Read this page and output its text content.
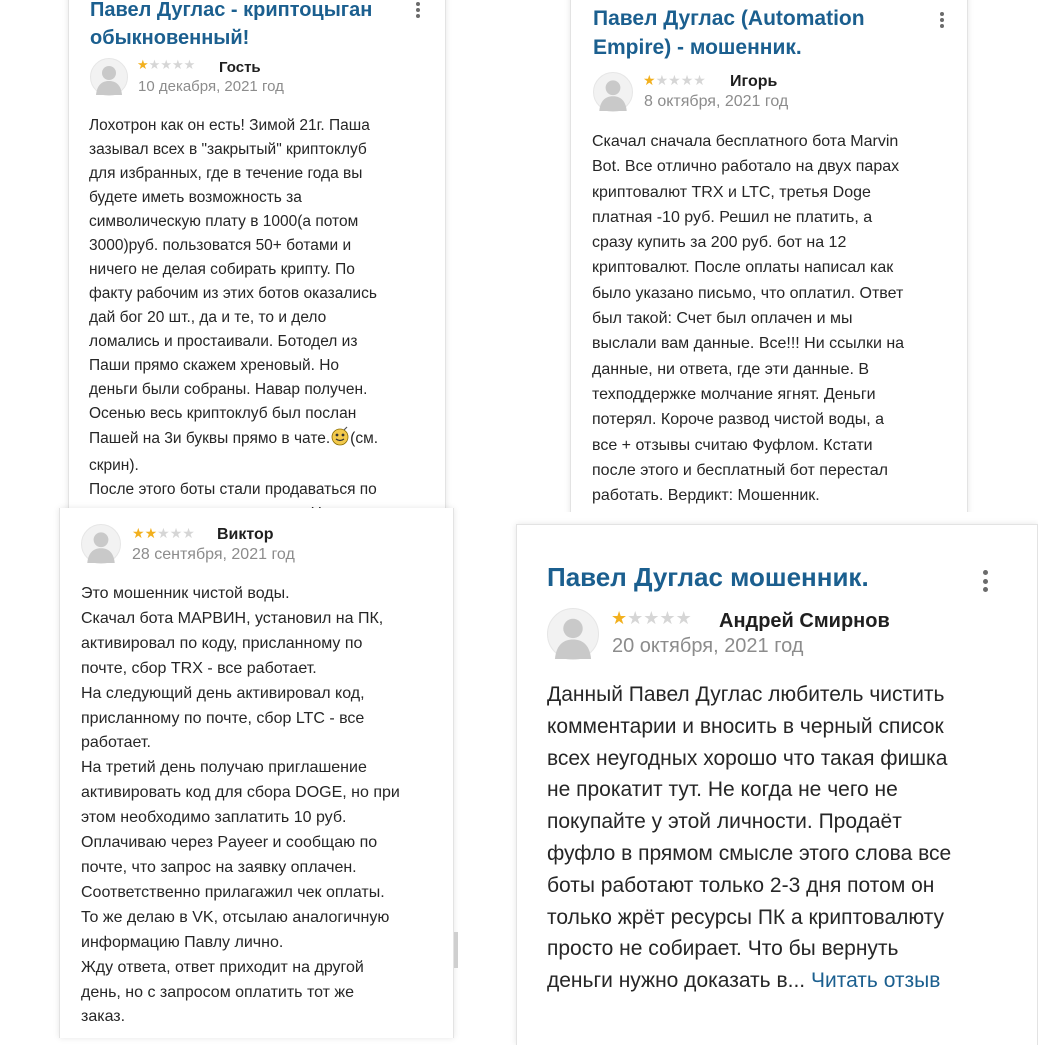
Павел Дуглас - криптоцыган
обыкновенный!
★★★★★ Гость
10 декабря, 2021 год
Лохотрон как он есть! Зимой 21г. Паша
зазывал всех в "закрытый" криптоклуб
для избранных, где в течение года вы
будете иметь возможность за
символическую плату в 1000(а потом
3000)руб. пользоватся 50+ ботами и
ничего не делая собирать крипту. По
факту рабочим из этих ботов оказались
дай бог 20 шт., да и те, то и дело
ломались и простаивали. Ботодел из
Паши прямо скажем хреновый. Но
деньги были собраны. Навар получен.
Осенью весь криптоклуб был послан
Пашей на 3и буквы прямо в чате. (см.
скрин).
После этого боты стали продаваться по
Павел Дуглас (Automation
Empire) - мошенник.
★★★★★ Игорь
8 октября, 2021 год
Скачал сначала бесплатного бота Marvin
Bot. Все отлично работало на двух парах
криптовалют TRX и LTC, третья Doge
платная -10 руб. Решил не платить, а
сразу купить за 200 руб. бот на 12
криптовалют. После оплаты написал как
было указано письмо, что оплатил. Ответ
был такой: Счет был оплачен и мы
выслали вам данные. Все!!! Ни ссылки на
данные, ни ответа, где эти данные. В
техподдержке молчание ягнят. Деньги
потерял. Короче развод чистой воды, а
все + отзывы считаю Фуфлом. Кстати
после этого и бесплатный бот перестал
работать. Вердикт: Мошенник.
★★★★★ Виктор
28 сентября, 2021 год
Это мошенник чистой воды.
Скачал бота МАРВИН, установил на ПК,
активировал по коду, присланному по
почте, сбор TRX - все работает.
На следующий день активировал код,
присланному по почте, сбор LTC - все
работает.
На третий день получаю приглашение
активировать код для сбора DOGE, но при
этом необходимо заплатить 10 руб.
Оплачиваю через Payeer и сообщаю по
почте, что запрос на заявку оплачен.
Соответственно прилагажил чек оплаты.
То же делаю в VK, отсылаю аналогичную
информацию Павлу лично.
Жду ответа, ответ приходит на другой
день, но с запросом оплатить тот же
заказ.
Павел Дуглас мошенник.
★★★★★ Андрей Смирнов
20 октября, 2021 год
Данный Павел Дуглас любитель чистить
комментарии и вносить в черный список
всех неугодных хорошо что такая фишка
не прокатит тут. Не когда не чего не
покупайте у этой личности. Продаёт
фуфло в прямом смысле этого слова все
боты работают только 2-3 дня потом он
только жрёт ресурсы ПК а криптовалюту
просто не собирает. Что бы вернуть
деньги нужно доказать в... Читать отзыв
